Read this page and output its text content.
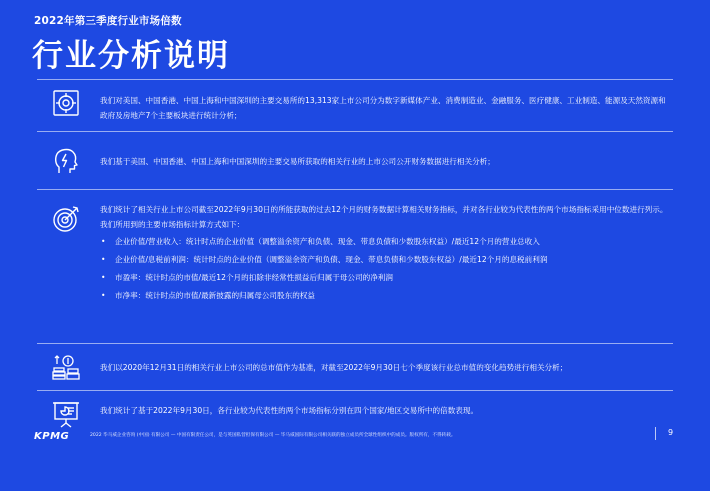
2022年第三季度行业市场倍数
行业分析说明
我们对美国、中国香港、中国上海和中国深圳的主要交易所的13,313家上市公司分为数字新媒体产业、消费制造业、金融服务、医疗健康、工业制造、能源及天然资源和政府及房地产7个主要板块进行统计分析；
我们基于美国、中国香港、中国上海和中国深圳的主要交易所获取的相关行业的上市公司公开财务数据进行相关分析；
我们统计了相关行业上市公司截至2022年9月30日的所能获取的过去12个月的财务数据计算相关财务指标，并对各行业较为代表性的两个市场指标采用中位数进行列示。我们所用到的主要市场指标计算方式如下：
• 企业价值/营业收入：统计时点的企业价值（调整溢余资产和负债、现金、带息负债和少数股东权益）/最近12个月的营业总收入
• 企业价值/息税前利润：统计时点的企业价值（调整溢余资产和负债、现金、带息负债和少数股东权益）/最近12个月的息税前利润
• 市盈率：统计时点的市值/最近12个月的扣除非经常性损益后归属于母公司的净利润
• 市净率：统计时点的市值/最新披露的归属母公司股东的权益
我们以2020年12月31日的相关行业上市公司的总市值作为基准，对截至2022年9月30日七个季度该行业总市值的变化趋势进行相关分析；
我们统计了基于2022年9月30日，各行业较为代表性的两个市场指标分别在四个国家/地区交易所中的倍数表现。
KPMG	2022 毕马威企业咨询 (中国) 有限公司 — 中国有限责任公司，是与英国私营担保有限公司 — 毕马威国际有限公司相关联的独立成员所全球性组织中的成员。版权所有，不得转载。	9
